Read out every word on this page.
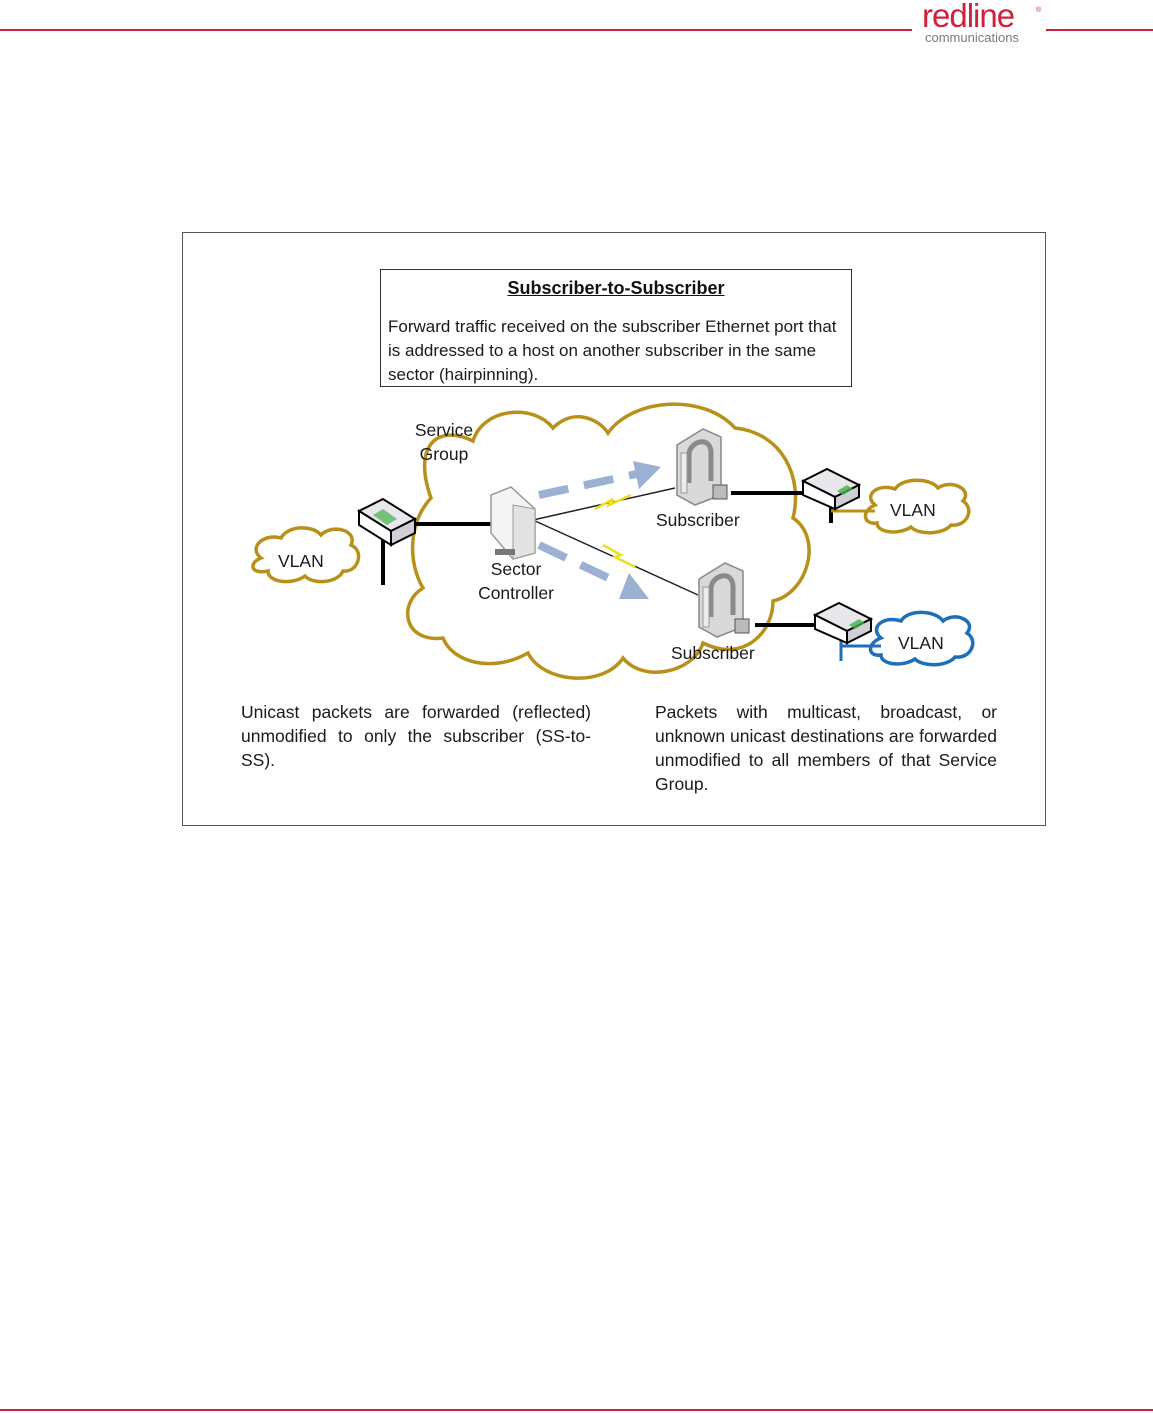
redline	®
communications
Subscriber-to-Subscriber
Forward traffic received on the subscriber Ethernet port that is addressed to a host on another subscriber in the same sector (hairpinning).
Service
Group
Sector
Controller
Subscriber
Subscriber
VLAN
VLAN
VLAN
Unicast packets are forwarded (reflected) unmodified to only the subscriber (SS-to-SS).
Packets with multicast, broadcast, or unknown unicast destinations are forwarded unmodified to all members of that Service Group.
